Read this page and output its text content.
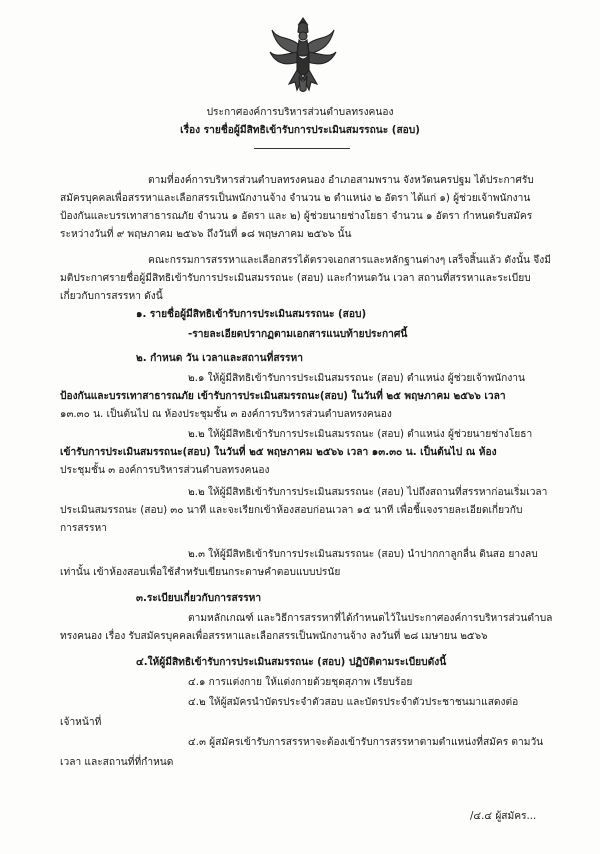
ประกาศองค์การบริหารส่วนตำบลทรงคนอง
เรื่อง รายชื่อผู้มีสิทธิเข้ารับการประเมินสมรรถนะ (สอบ)
ตามที่องค์การบริหารส่วนตำบลทรงคนอง อำเภอสามพราน จังหวัดนครปฐม ได้ประกาศรับ
สมัครบุคคลเพื่อสรรหาและเลือกสรรเป็นพนักงานจ้าง จำนวน ๒ ตำแหน่ง ๒ อัตรา ได้แก่ ๑) ผู้ช่วยเจ้าพนักงาน
ป้องกันและบรรเทาสาธารณภัย จำนวน ๑ อัตรา และ ๒) ผู้ช่วยนายช่างโยธา จำนวน ๑ อัตรา กำหนดรับสมัคร
ระหว่างวันที่ ๙ พฤษภาคม ๒๕๖๖ ถึงวันที่ ๑๘ พฤษภาคม ๒๕๖๖ นั้น
คณะกรรมการสรรหาและเลือกสรรได้ตรวจเอกสารและหลักฐานต่างๆ เสร็จสิ้นแล้ว ดังนั้น จึงมี
มติประกาศรายชื่อผู้มีสิทธิเข้ารับการประเมินสมรรถนะ (สอบ) และกำหนดวัน เวลา สถานที่สรรหาและระเบียบ
เกี่ยวกับการสรรหา ดังนี้
๑. รายชื่อผู้มีสิทธิเข้ารับการประเมินสมรรถนะ (สอบ)
-รายละเอียดปรากฏตามเอกสารแนบท้ายประกาศนี้
๒. กำหนด วัน เวลาและสถานที่สรรหา
๒.๑ ให้ผู้มีสิทธิเข้ารับการประเมินสมรรถนะ (สอบ) ตำแหน่ง ผู้ช่วยเจ้าพนักงาน
ป้องกันและบรรเทาสาธารณภัย เข้ารับการประเมินสมรรถนะ(สอบ) ในวันที่ ๒๕ พฤษภาคม ๒๕๖๖ เวลา
๑๓.๓๐ น. เป็นต้นไป ณ ห้องประชุมชั้น ๓ องค์การบริหารส่วนตำบลทรงคนอง
๒.๒ ให้ผู้มีสิทธิเข้ารับการประเมินสมรรถนะ (สอบ) ตำแหน่ง ผู้ช่วยนายช่างโยธา
เข้ารับการประเมินสมรรถนะ(สอบ) ในวันที่ ๒๕ พฤษภาคม ๒๕๖๖ เวลา ๑๓.๓๐ น. เป็นต้นไป ณ ห้อง
ประชุมชั้น ๓ องค์การบริหารส่วนตำบลทรงคนอง
๒.๒ ให้ผู้มีสิทธิเข้ารับการประเมินสมรรถนะ (สอบ) ไปถึงสถานที่สรรหาก่อนเริ่มเวลา
ประเมินสมรรถนะ (สอบ) ๓๐ นาที และจะเรียกเข้าห้องสอบก่อนเวลา ๑๕ นาที เพื่อชี้แจงรายละเอียดเกี่ยวกับ
การสรรหา
๒.๓ ให้ผู้มีสิทธิเข้ารับการประเมินสมรรถนะ (สอบ) นำปากกาลูกลื่น ดินสอ ยางลบ
เท่านั้น เข้าห้องสอบเพื่อใช้สำหรับเขียนกระดาษคำตอบแบบปรนัย
๓.ระเบียบเกี่ยวกับการสรรหา
ตามหลักเกณฑ์ และวิธีการสรรหาที่ได้กำหนดไว้ในประกาศองค์การบริหารส่วนตำบล
ทรงคนอง เรื่อง รับสมัครบุคคลเพื่อสรรหาและเลือกสรรเป็นพนักงานจ้าง ลงวันที่ ๒๘ เมษายน ๒๕๖๖
๔.ให้ผู้มีสิทธิเข้ารับการประเมินสมรรถนะ (สอบ) ปฏิบัติตามระเบียบดังนี้
๔.๑ การแต่งกาย ให้แต่งกายด้วยชุดสุภาพ เรียบร้อย
๔.๒ ให้ผู้สมัครนำบัตรประจำตัวสอบ และบัตรประจำตัวประชาชนมาแสดงต่อ
เจ้าหน้าที่
๔.๓ ผู้สมัครเข้ารับการสรรหาจะต้องเข้ารับการสรรหาตามตำแหน่งที่สมัคร ตามวัน
เวลา และสถานที่ที่กำหนด
/๔.๔ ผู้สมัคร...
